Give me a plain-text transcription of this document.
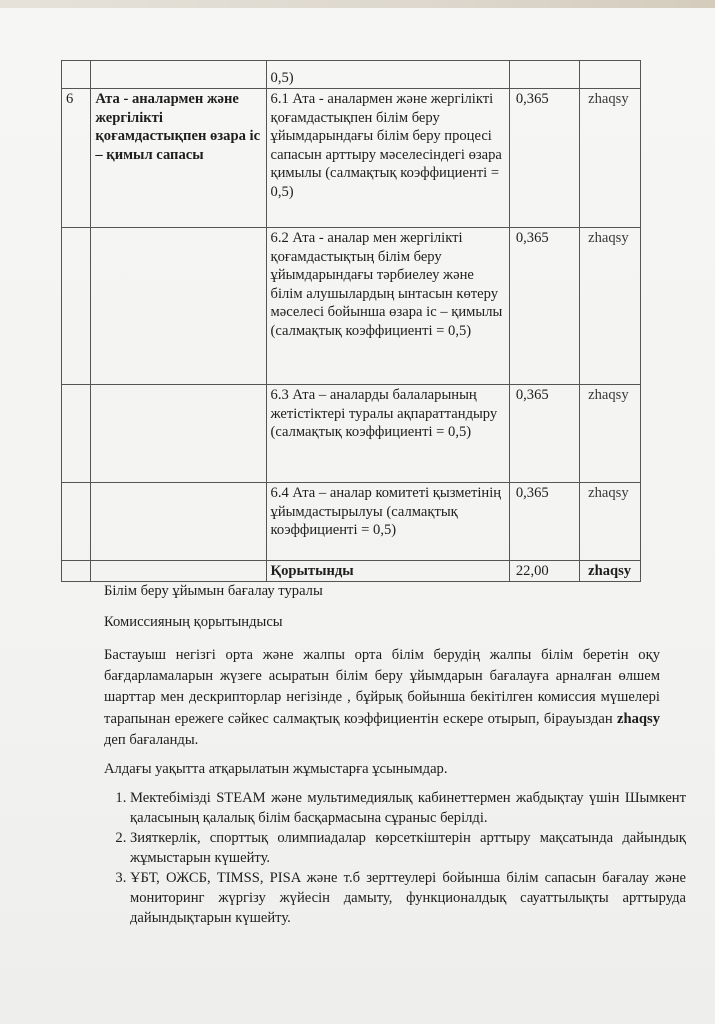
		0,5)		
6	Ата - аналармен және жергілікті қоғамдастықпен өзара іс – қимыл сапасы	6.1 Ата - аналармен және жергілікті қоғамдастықпен білім беру ұйымдарындағы білім беру процесі сапасын арттыру мәселесіндегі өзара қимылы (салмақтық коэффициенті = 0,5)	0,365	zhaqsy
		6.2 Ата - аналар мен жергілікті қоғамдастықтың білім беру ұйымдарындағы тәрбиелеу және білім алушылардың ынтасын көтеру мәселесі бойынша өзара іс – қимылы (салмақтық коэффициенті = 0,5)	0,365	zhaqsy
		6.3 Ата – аналарды балаларының жетістіктері туралы ақпараттандыру (салмақтық коэффициенті = 0,5)	0,365	zhaqsy
		6.4 Ата – аналар комитеті қызметінің ұйымдастырылуы (салмақтық коэффициенті = 0,5)	0,365	zhaqsy
		Қорытынды	22,00	zhaqsy
Білім беру ұйымын бағалау туралы
Комиссияның қорытындысы
Бастауыш негізгі орта және жалпы орта білім берудің жалпы білім беретін оқу бағдарламаларын жүзеге асыратын білім беру ұйымдарын бағалауға арналған өлшем шарттар мен дескрипторлар негізінде , бұйрық бойынша бекітілген комиссия мүшелері тарапынан ережеге сәйкес салмақтық коэффициентін ескере отырып, бірауыздан zhaqsy деп бағаланды.
Алдағы уақытта атқарылатын жұмыстарға ұсынымдар.
1. Мектебімізді STEAM және мультимедиялық кабинеттермен жабдықтау үшін Шымкент қаласының қалалық білім басқармасына сұраныс берілді.
2. Зияткерлік, спорттық олимпиадалар көрсеткіштерін арттыру мақсатында дайындық жұмыстарын күшейту.
3. ҰБТ, ОЖСБ, TIMSS, PISA және т.б зерттеулері бойынша білім сапасын бағалау және мониторинг жүргізу жүйесін дамыту, функционалдық сауаттылықты арттыруда дайындықтарын күшейту.
